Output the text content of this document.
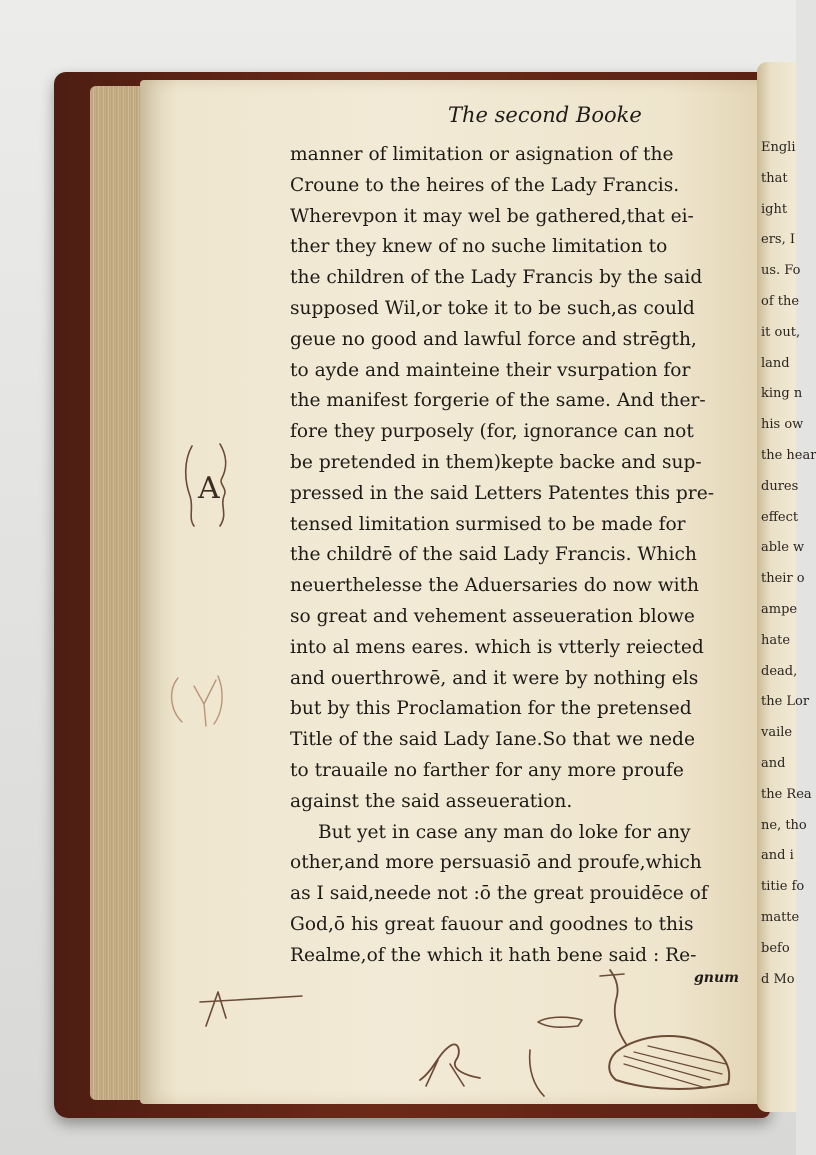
Engli
that
ight
ers, I
us. Fo
of the
it out,
land
king n
his ow
the hear
dures
effect
able w
their o
ampe
hate
dead,
the Lor
vaile
and
the Rea
ne, tho
and i
titie fo
matte
befo
d Mo
The second Booke
manner of limitation or asignation of the
Croune to the heires of the Lady Francis.
Wherevpon it may wel be gathered,that ei-
ther they knew of no suche limitation to
the children of the Lady Francis by the said
supposed Wil,or toke it to be such,as could
geue no good and lawful force and strēgth,
to ayde and mainteine their vsurpation for
the manifest forgerie of the same. And ther-
fore they purposely (for, ignorance can not
be pretended in them)kepte backe and sup-
pressed in the said Letters Patentes this pre-
tensed limitation surmised to be made for
the childrē of the said Lady Francis. Which
neuerthelesse the Aduersaries do now with
so great and vehement asseueration blowe
into al mens eares. which is vtterly reiected
and ouerthrowē, and it were by nothing els
but by this Proclamation for the pretensed
Title of the said Lady Iane.So that we nede
to trauaile no farther for any more proufe
against the said asseueration.
But yet in case any man do loke for any
other,and more persuasiō and proufe,which
as I said,neede not :ō the great prouidēce of
God,ō his great fauour and goodnes to this
Realme,of the which it hath bene said : Re-
gnum
A
